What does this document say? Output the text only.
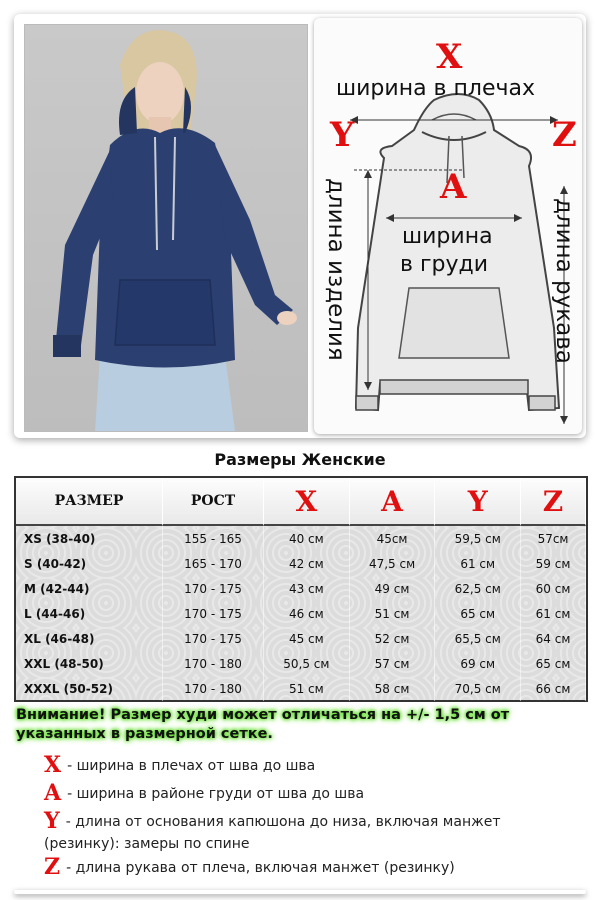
X
ширина в плечах
Y	Z
A
ширина
в груди
длина изделия	длина рукава
Размеры Женские
РАЗМЕР	РОСТ	X	A	Y	Z
XS (38-40)	155 - 165	40 см	45см	59,5 см	57см
S (40-42)	165 - 170	42 см	47,5 см	61 см	59 см
M (42-44)	170 - 175	43 см	49 см	62,5 см	60 см
L (44-46)	170 - 175	46 см	51 см	65 см	61 см
XL (46-48)	170 - 175	45 см	52 см	65,5 см	64 см
XXL (48-50)	170 - 180	50,5 см	57 см	69 см	65 см
XXXL (50-52)	170 - 180	51 см	58 см	70,5 см	66 см
Внимание! Размер худи может отличаться на +/- 1,5 см от указанных в размерной сетке.
X - ширина в плечах от шва до шва
A - ширина в районе груди от шва до шва
Y - длина от основания капюшона до низа, включая манжет (резинку): замеры по спине
Z - длина рукава от плеча, включая манжет (резинку)
